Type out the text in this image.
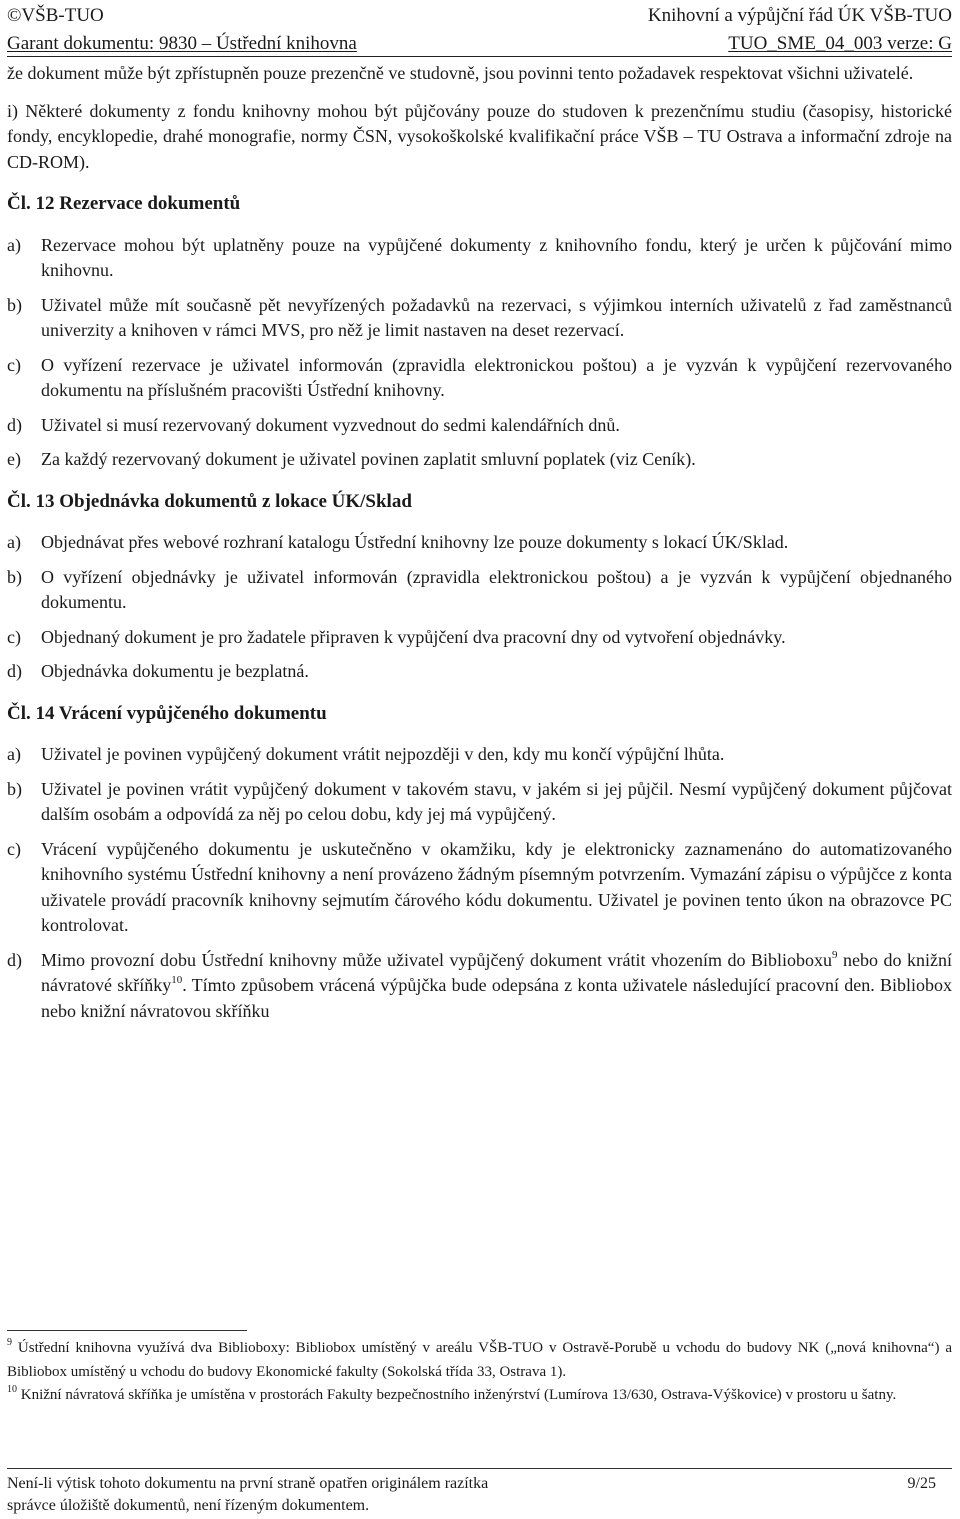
©VŠB-TUO	Knihovní a výpůjční řád ÚK VŠB-TUO
Garant dokumentu: 9830 – Ústřední knihovna	TUO_SME_04_003 verze: G

že dokument může být zpřístupněn pouze prezenčně ve studovně, jsou povinni tento požadavek respektovat všichni uživatelé.

i) Některé dokumenty z fondu knihovny mohou být půjčovány pouze do studoven k prezenčnímu studiu (časopisy, historické fondy, encyklopedie, drahé monografie, normy ČSN, vysokoškolské kvalifikační práce VŠB – TU Ostrava a informační zdroje na CD-ROM).

Čl. 12 Rezervace dokumentů

a)	Rezervace mohou být uplatněny pouze na vypůjčené dokumenty z knihovního fondu, který je určen k půjčování mimo knihovnu.
b)	Uživatel může mít současně pět nevyřízených požadavků na rezervaci, s výjimkou interních uživatelů z řad zaměstnanců univerzity a knihoven v rámci MVS, pro něž je limit nastaven na deset rezervací.
c)	O vyřízení rezervace je uživatel informován (zpravidla elektronickou poštou) a je vyzván k vypůjčení rezervovaného dokumentu na příslušném pracovišti Ústřední knihovny.
d)	Uživatel si musí rezervovaný dokument vyzvednout do sedmi kalendářních dnů.
e)	Za každý rezervovaný dokument je uživatel povinen zaplatit smluvní poplatek (viz Ceník).

Čl. 13 Objednávka dokumentů z lokace ÚK/Sklad

a)	Objednávat přes webové rozhraní katalogu Ústřední knihovny lze pouze dokumenty s lokací ÚK/Sklad.
b)	O vyřízení objednávky je uživatel informován (zpravidla elektronickou poštou) a je vyzván k vypůjčení objednaného dokumentu.
c)	Objednaný dokument je pro žadatele připraven k vypůjčení dva pracovní dny od vytvoření objednávky.
d)	Objednávka dokumentu je bezplatná.

Čl. 14 Vrácení vypůjčeného dokumentu

a)	Uživatel je povinen vypůjčený dokument vrátit nejpozději v den, kdy mu končí výpůjční lhůta.
b)	Uživatel je povinen vrátit vypůjčený dokument v takovém stavu, v jakém si jej půjčil. Nesmí vypůjčený dokument půjčovat dalším osobám a odpovídá za něj po celou dobu, kdy jej má vypůjčený.
c)	Vrácení vypůjčeného dokumentu je uskutečněno v okamžiku, kdy je elektronicky zaznamenáno do automatizovaného knihovního systému Ústřední knihovny a není provázeno žádným písemným potvrzením. Vymazání zápisu o výpůjčce z konta uživatele provádí pracovník knihovny sejmutím čárového kódu dokumentu. Uživatel je povinen tento úkon na obrazovce PC kontrolovat.
d)	Mimo provozní dobu Ústřední knihovny může uživatel vypůjčený dokument vrátit vhozením do Biblioboxu$^9$ nebo do knižní návratové skříňky$^{10}$. Tímto způsobem vrácená výpůjčka bude odepsána z konta uživatele následující pracovní den. Bibliobox nebo knižní návratovou skříňku

$^9$ Ústřední knihovna využívá dva Biblioboxy: Bibliobox umístěný v areálu VŠB-TUO v Ostravě-Porubě u vchodu do budovy NK („nová knihovna“) a Bibliobox umístěný u vchodu do budovy Ekonomické fakulty (Sokolská třída 33, Ostrava 1).

$^{10}$ Knižní návratová skříňka je umístěna v prostorách Fakulty bezpečnostního inženýrství (Lumírova 13/630, Ostrava-Výškovice) v prostoru u šatny.

Není-li výtisk tohoto dokumentu na první straně opatřen originálem razítka	9/25
správce úložiště dokumentů, není řízeným dokumentem.
